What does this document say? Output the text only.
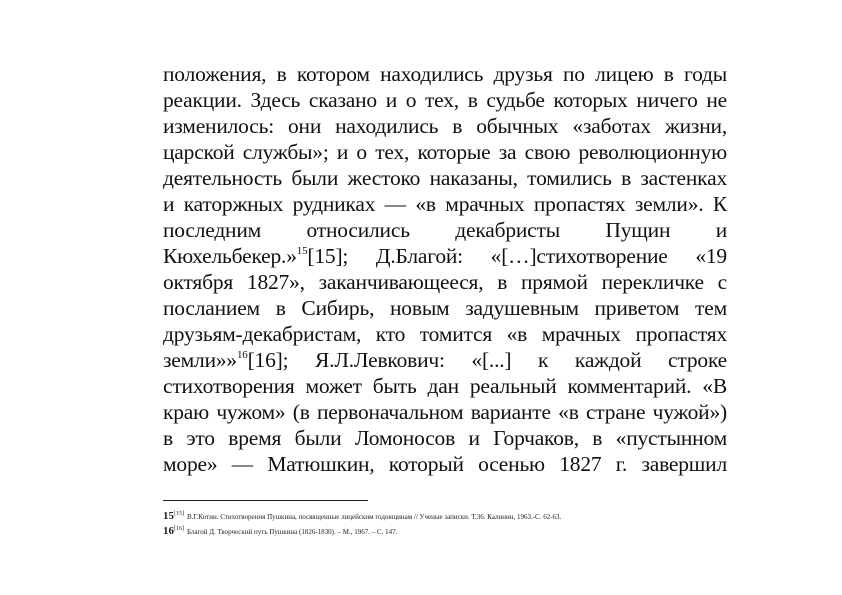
положения, в котором находились друзья по лицею в годы
реакции. Здесь сказано и о тех, в судьбе которых ничего не
изменилось: они находились в обычных «заботах жизни,
царской службы»; и о тех, которые за свою революционную
деятельность были жестоко наказаны, томились в застенках
и каторжных рудниках — «в мрачных пропастях земли». К
последним относились декабристы Пущин и
Кюхельбекер.»$^{15}$[15]; Д.Благой: «[…]стихотворение «19
октября 1827», заканчивающееся, в прямой перекличке с
посланием в Сибирь, новым задушевным приветом тем
друзьям-декабристам, кто томится «в мрачных пропастях
земли»»$^{16}$[16]; Я.Л.Левкович: «[...] к каждой строке
стихотворения может быть дан реальный комментарий. «В
краю чужом» (в первоначальном варианте «в стране чужой»)
в это время были Ломоносов и Горчаков, в «пустынном
море» — Матюшкин, который осенью 1827 г. завершил
15[15] В.Г.Котин. Стихотворения Пушкина, посвященные лицейским годовщинам // Ученые записки. Т.36. Калинин, 1963.-С. 62-63.
16[16] Благой Д. Творческий путь Пушкина (1826-1830). – М., 1967. – С. 147.
